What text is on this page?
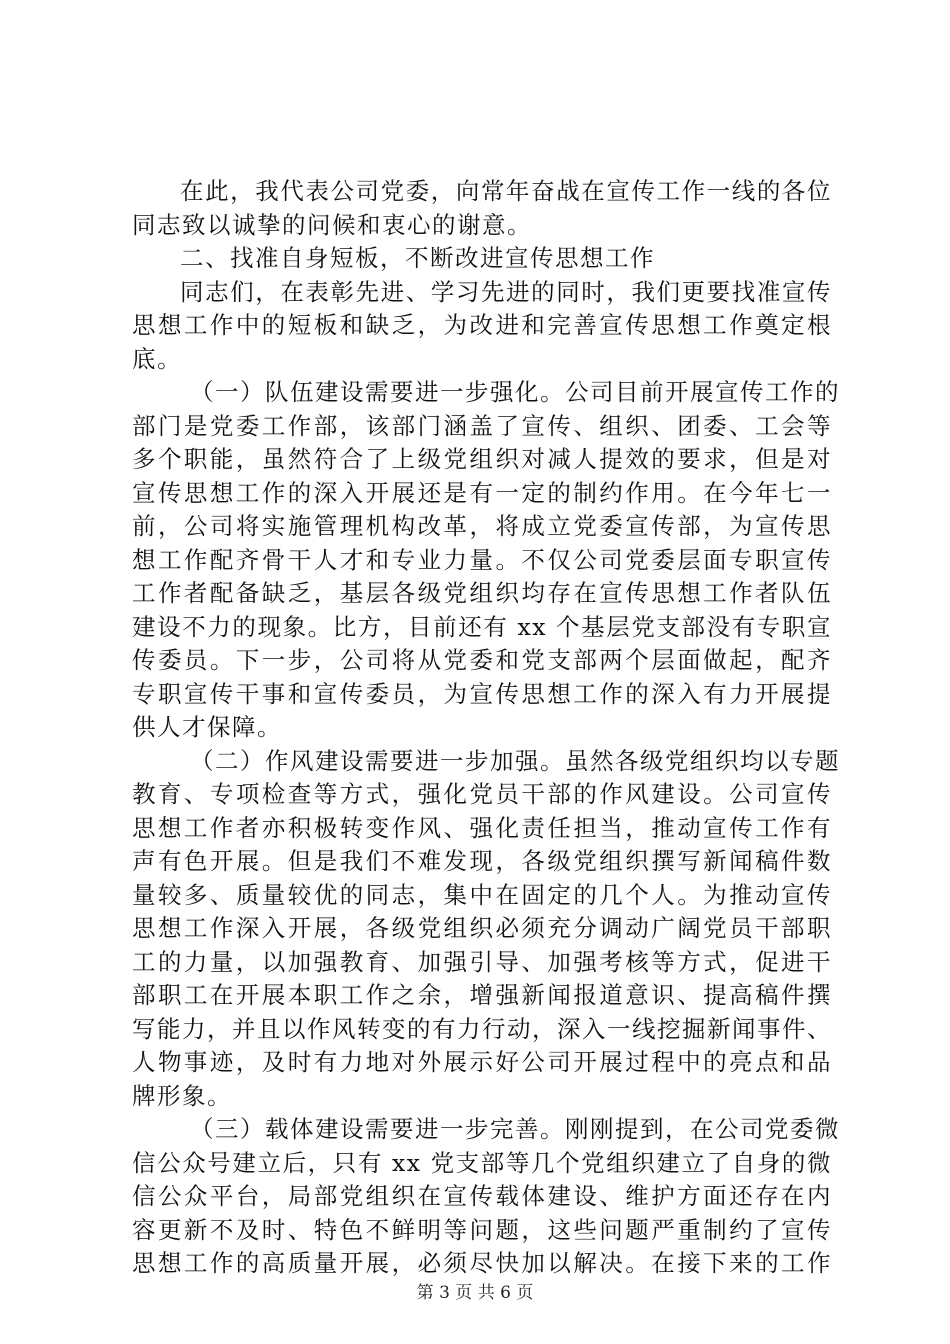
在此，我代表公司党委，向常年奋战在宣传工作一线的各位
同志致以诚挚的问候和衷心的谢意。

二、找准自身短板，不断改进宣传思想工作

同志们，在表彰先进、学习先进的同时，我们更要找准宣传
思想工作中的短板和缺乏，为改进和完善宣传思想工作奠定根
底。

（一）队伍建设需要进一步强化。公司目前开展宣传工作的
部门是党委工作部，该部门涵盖了宣传、组织、团委、工会等
多个职能，虽然符合了上级党组织对减人提效的要求，但是对
宣传思想工作的深入开展还是有一定的制约作用。在今年七一
前，公司将实施管理机构改革，将成立党委宣传部，为宣传思
想工作配齐骨干人才和专业力量。不仅公司党委层面专职宣传
工作者配备缺乏，基层各级党组织均存在宣传思想工作者队伍
建设不力的现象。比方，目前还有 xx 个基层党支部没有专职宣
传委员。下一步，公司将从党委和党支部两个层面做起，配齐
专职宣传干事和宣传委员，为宣传思想工作的深入有力开展提
供人才保障。

（二）作风建设需要进一步加强。虽然各级党组织均以专题
教育、专项检查等方式，强化党员干部的作风建设。公司宣传
思想工作者亦积极转变作风、强化责任担当，推动宣传工作有
声有色开展。但是我们不难发现，各级党组织撰写新闻稿件数
量较多、质量较优的同志，集中在固定的几个人。为推动宣传
思想工作深入开展，各级党组织必须充分调动广阔党员干部职
工的力量，以加强教育、加强引导、加强考核等方式，促进干
部职工在开展本职工作之余，增强新闻报道意识、提高稿件撰
写能力，并且以作风转变的有力行动，深入一线挖掘新闻事件、
人物事迹，及时有力地对外展示好公司开展过程中的亮点和品
牌形象。

（三）载体建设需要进一步完善。刚刚提到，在公司党委微
信公众号建立后，只有 xx 党支部等几个党组织建立了自身的微
信公众平台，局部党组织在宣传载体建设、维护方面还存在内
容更新不及时、特色不鲜明等问题，这些问题严重制约了宣传
思想工作的高质量开展，必须尽快加以解决。在接下来的工作

第 3 页 共 6 页
